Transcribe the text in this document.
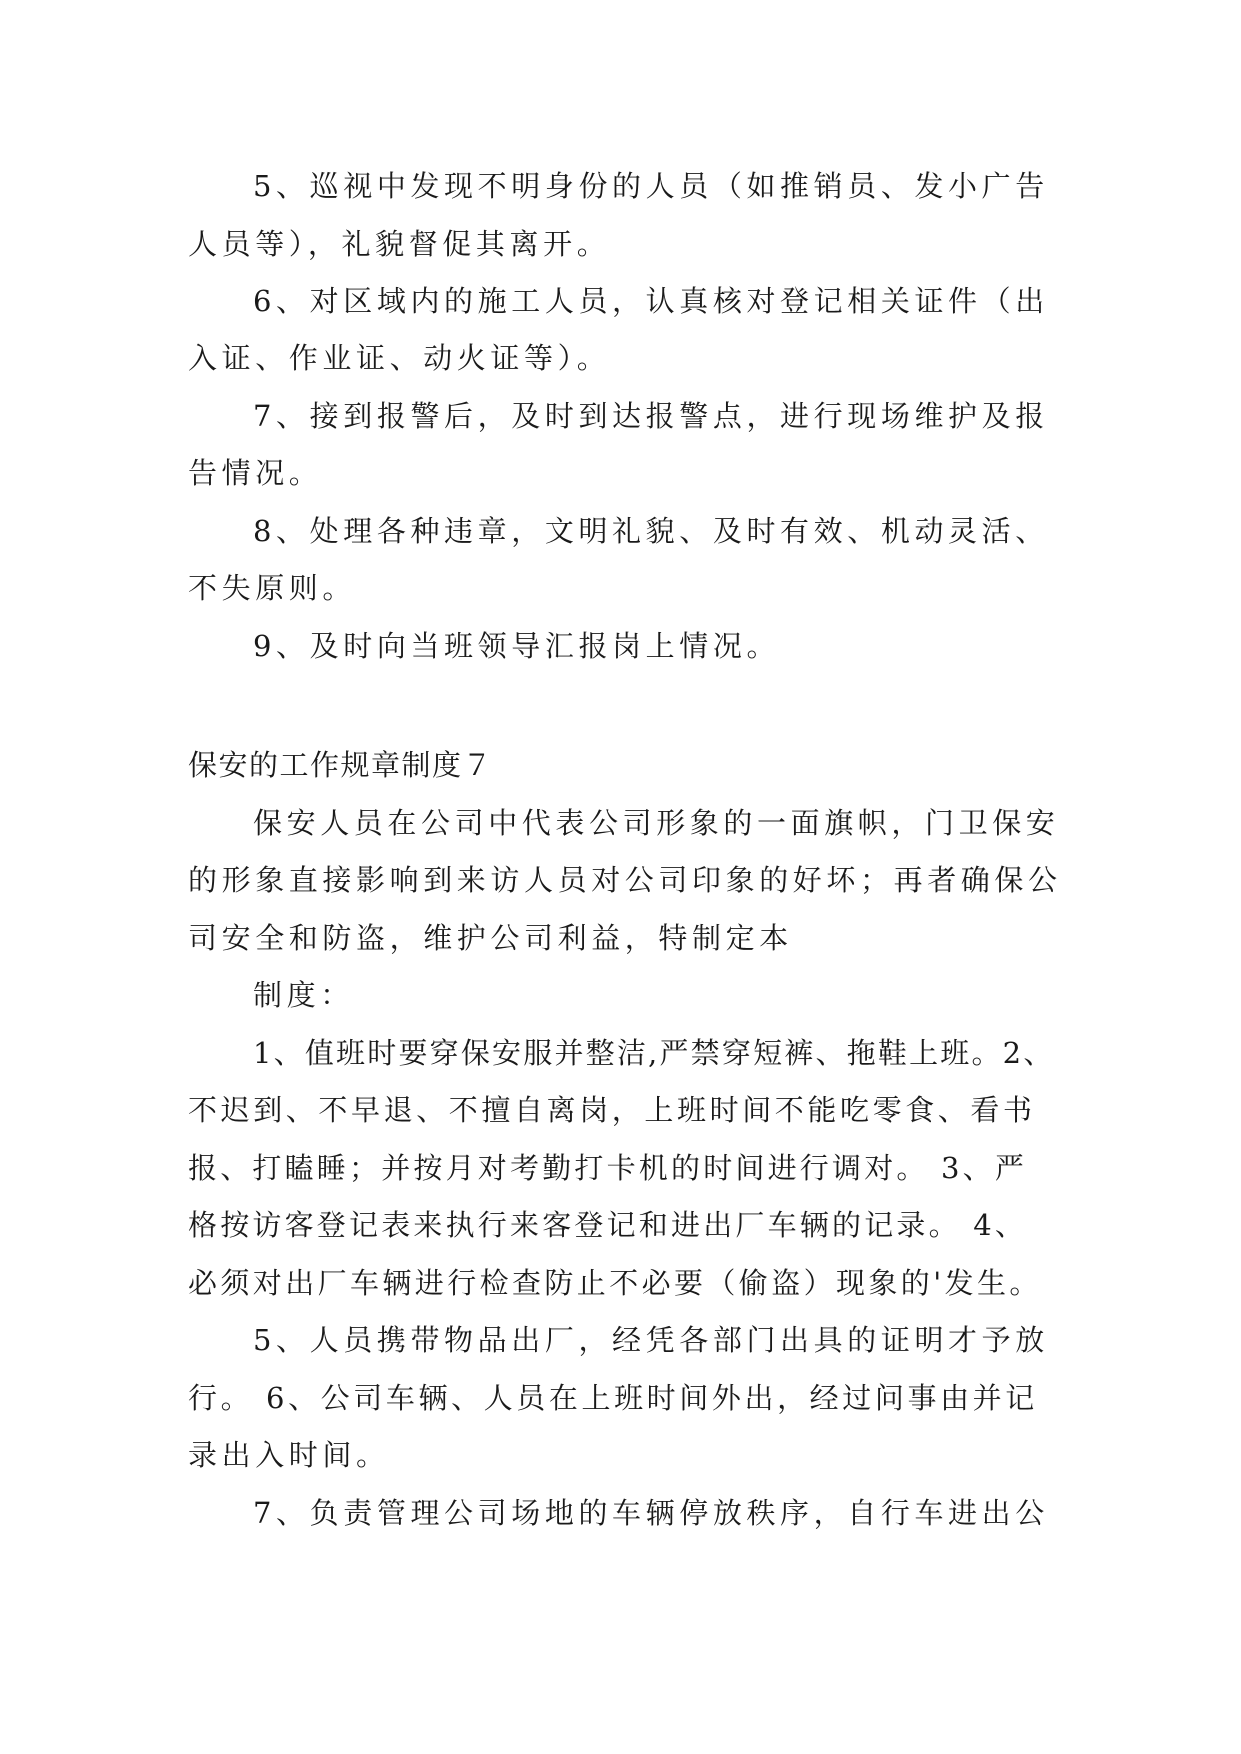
5、巡视中发现不明身份的人员（如推销员、发小广告
人员等），礼貌督促其离开。
6、对区域内的施工人员，认真核对登记相关证件（出
入证、作业证、动火证等）。
7、接到报警后，及时到达报警点，进行现场维护及报
告情况。
8、处理各种违章，文明礼貌、及时有效、机动灵活、
不失原则。
9、及时向当班领导汇报岗上情况。
保安的工作规章制度７
保安人员在公司中代表公司形象的一面旗帜，门卫保安
的形象直接影响到来访人员对公司印象的好坏；再者确保公
司安全和防盗，维护公司利益，特制定本
制度：
1、值班时要穿保安服并整洁,严禁穿短裤、拖鞋上班。2、
不迟到、不早退、不擅自离岗，上班时间不能吃零食、看书
报、打瞌睡；并按月对考勤打卡机的时间进行调对。 3、严
格按访客登记表来执行来客登记和进出厂车辆的记录。 4、
必须对出厂车辆进行检查防止不必要（偷盗）现象的'发生。
5、人员携带物品出厂，经凭各部门出具的证明才予放
行。 6、公司车辆、人员在上班时间外出，经过问事由并记
录出入时间。
7、负责管理公司场地的车辆停放秩序，自行车进出公
